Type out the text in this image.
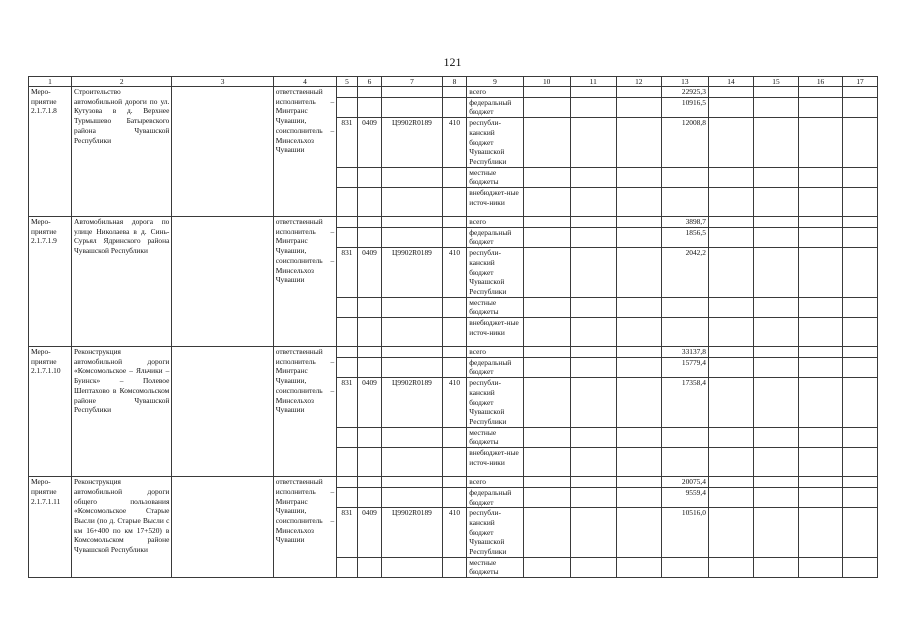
121
1	2	3	4	5	6	7	8	9	10	11	12	13	14	15	16	17
Меро-приятие 2.1.7.1.8	Строительство автомобильной дороги по ул. Кутузова в д. Верхнее Турмышево Батыревского района Чувашской Республики		ответственный исполнитель – Минтранс Чувашии, соисполнитель – Минсельхоз Чувашии					всего				22925,3				
								федеральный бюджет				10916,5				
				831	0409	Ц9902R0189	410	республи-канский бюджет Чувашской Республики				12008,8				
								местные бюджеты								
								внебюджет-ные источ-ники								
Меро-приятие 2.1.7.1.9	Автомобильная дорога по улице Николаева в д. Синь-Сурьял Ядринского района Чувашской Республики		ответственный исполнитель – Минтранс Чувашии, соисполнитель – Минсельхоз Чувашии					всего				3898,7				
								федеральный бюджет				1856,5				
				831	0409	Ц9902R0189	410	республи-канский бюджет Чувашской Республики				2042,2				
								местные бюджеты								
								внебюджет-ные источ-ники								
Меро-приятие 2.1.7.1.10	Реконструкция автомобильной дороги «Комсомольское – Яльчики – Буинск» – Полевое Шептахово в Комсомольском районе Чувашской Республики		ответственный исполнитель – Минтранс Чувашии, соисполнитель – Минсельхоз Чувашии					всего				33137,8				
								федеральный бюджет				15779,4				
				831	0409	Ц9902R0189	410	республи-канский бюджет Чувашской Республики				17358,4				
								местные бюджеты								
								внебюджет-ные источ-ники								
Меро-приятие 2.1.7.1.11	Реконструкция автомобильной дороги общего пользования «Комсомольское Старые Высли (по д. Старые Высли с км 16+400 по км 17+520) в Комсомольском районе Чувашской Республики		ответственный исполнитель – Минтранс Чувашии, соисполнитель – Минсельхоз Чувашии					всего				20075,4				
								федеральный бюджет				9559,4				
				831	0409	Ц9902R0189	410	республи-канский бюджет Чувашской Республики				10516,0				
								местные бюджеты								
